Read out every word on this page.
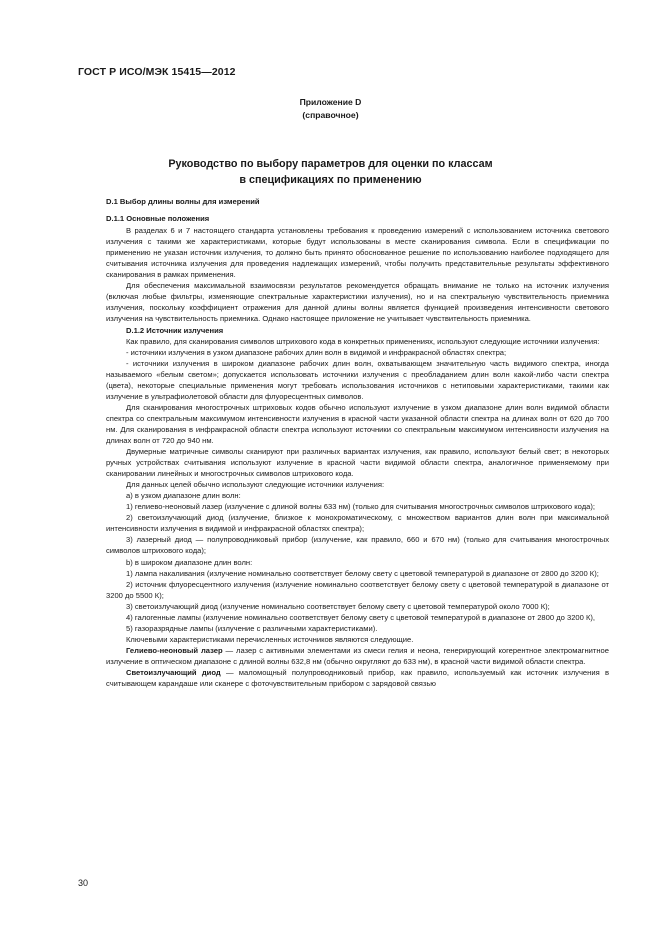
ГОСТ Р ИСО/МЭК 15415—2012
Приложение D
(справочное)
Руководство по выбору параметров для оценки по классам
в спецификациях по применению

D.1 Выбор длины волны для измерений

D.1.1 Основные положения

В разделах 6 и 7 настоящего стандарта установлены требования к проведению измерений с использованием источника светового излучения с такими же характеристиками, которые будут использованы в месте сканирования символа. Если в спецификации по применению не указан источник излучения, то должно быть принято обоснованное решение по использованию наиболее подходящего для считывания источника излучения для проведения надлежащих измерений, чтобы получить представительные результаты эффективного сканирования в рамках применения.

Для обеспечения максимальной взаимосвязи результатов рекомендуется обращать внимание не только на источник излучения (включая любые фильтры, изменяющие спектральные характеристики излучения), но и на спектральную чувствительность приемника излучения, поскольку коэффициент отражения для данной длины волны является функцией произведения интенсивности светового излучения на чувствительность приемника. Однако настоящее приложение не учитывает чувствительность приемника.

D.1.2 Источник излучения

Как правило, для сканирования символов штрихового кода в конкретных применениях, используют следующие источники излучения:

- источники излучения в узком диапазоне рабочих длин волн в видимой и инфракрасной областях спектра;

- источники излучения в широком диапазоне рабочих длин волн, охватывающем значительную часть видимого спектра, иногда называемого «белым светом»; допускается использовать источники излучения с преобладанием длин волн какой-либо части спектра (цвета), некоторые специальные применения могут требовать использования источников с нетиповыми характеристиками, такими как излучение в ультрафиолетовой области для флуоресцентных символов.

Для сканирования многострочных штриховых кодов обычно используют излучение в узком диапазоне длин волн видимой области спектра со спектральным максимумом интенсивности излучения в красной части указанной области спектра на длинах волн от 620 до 700 нм. Для сканирования в инфракрасной области спектра используют источники со спектральным максимумом интенсивности излучения на длинах волн от 720 до 940 нм.

Двумерные матричные символы сканируют при различных вариантах излучения, как правило, используют белый свет; в некоторых ручных устройствах считывания используют излучение в красной части видимой области спектра, аналогичное применяемому при сканировании линейных и многострочных символов штрихового кода.

Для данных целей обычно используют следующие источники излучения:

a) в узком диапазоне длин волн:

1) гелиево-неоновый лазер (излучение с длиной волны 633 нм) (только для считывания многострочных символов штрихового кода);

2) светоизлучающий диод (излучение, близкое к монохроматическому, с множеством вариантов длин волн при максимальной интенсивности излучения в видимой и инфракрасной областях спектра);

3) лазерный диод — полупроводниковый прибор (излучение, как правило, 660 и 670 нм) (только для считывания многострочных символов штрихового кода);

b) в широком диапазоне длин волн:

1) лампа накаливания (излучение номинально соответствует белому свету с цветовой температурой в диапазоне от 2800 до 3200 К);

2) источник флуоресцентного излучения (излучение номинально соответствует белому свету с цветовой температурой в диапазоне от 3200 до 5500 К);

3) светоизлучающий диод (излучение номинально соответствует белому свету с цветовой температурой около 7000 К);

4) галогенные лампы (излучение номинально соответствует белому свету с цветовой температурой в диапазоне от 2800 до 3200 К),

5) газоразрядные лампы (излучение с различными характеристиками).

Ключевыми характеристиками перечисленных источников являются следующие.

Гелиево-неоновый лазер — лазер с активными элементами из смеси гелия и неона, генерирующий когерентное электромагнитное излучение в оптическом диапазоне с длиной волны 632,8 нм (обычно округляют до 633 нм), в красной части видимой области спектра.

Светоизлучающий диод — маломощный полупроводниковый прибор, как правило, используемый как источник излучения в считывающем карандаше или сканере с фоточувствительным прибором с зарядовой связью

30
